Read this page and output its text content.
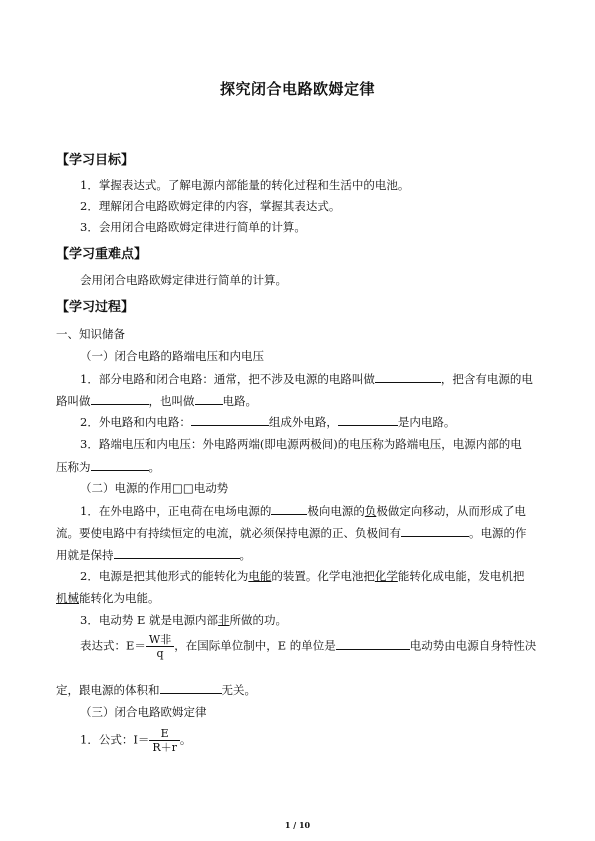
探究闭合电路欧姆定律
【学习目标】
1．掌握表达式。了解电源内部能量的转化过程和生活中的电池。
2．理解闭合电路欧姆定律的内容，掌握其表达式。
3．会用闭合电路欧姆定律进行简单的计算。
【学习重难点】
会用闭合电路欧姆定律进行简单的计算。
【学习过程】
一、知识储备
（一）闭合电路的路端电压和内电压
1．部分电路和闭合电路：通常，把不涉及电源的电路叫做	，把含有电源的电
路叫做	，也叫做 电路。
2．外电路和内电路：	组成外电路，	是内电路。
3．路端电压和内电压：外电路两端(即电源两极间)的电压称为路端电压，电源内部的电
压称为	。
（二）电源的作用□□电动势
1．在外电路中，正电荷在电场电源的	极向电源的负极做定向移动，从而形成了电
流。要使电路中有持续恒定的电流，就必须保持电源的正、负极间有	。电源的作
用就是保持	。
2．电源是把其他形式的能转化为电能的装置。化学电池把化学能转化成电能，发电机把
机械能转化为电能。
3．电动势 E 就是电源内部非所做的功。
表达式：$E= \frac{\text{W非}}{q}$ ，在国际单位制中，E 的单位是	电动势由电源自身特性决
定，跟电源的体积和	无关。
（三）闭合电路欧姆定律
1．公式：$I= \frac{E}{R+r}$ 。
1 / 10
